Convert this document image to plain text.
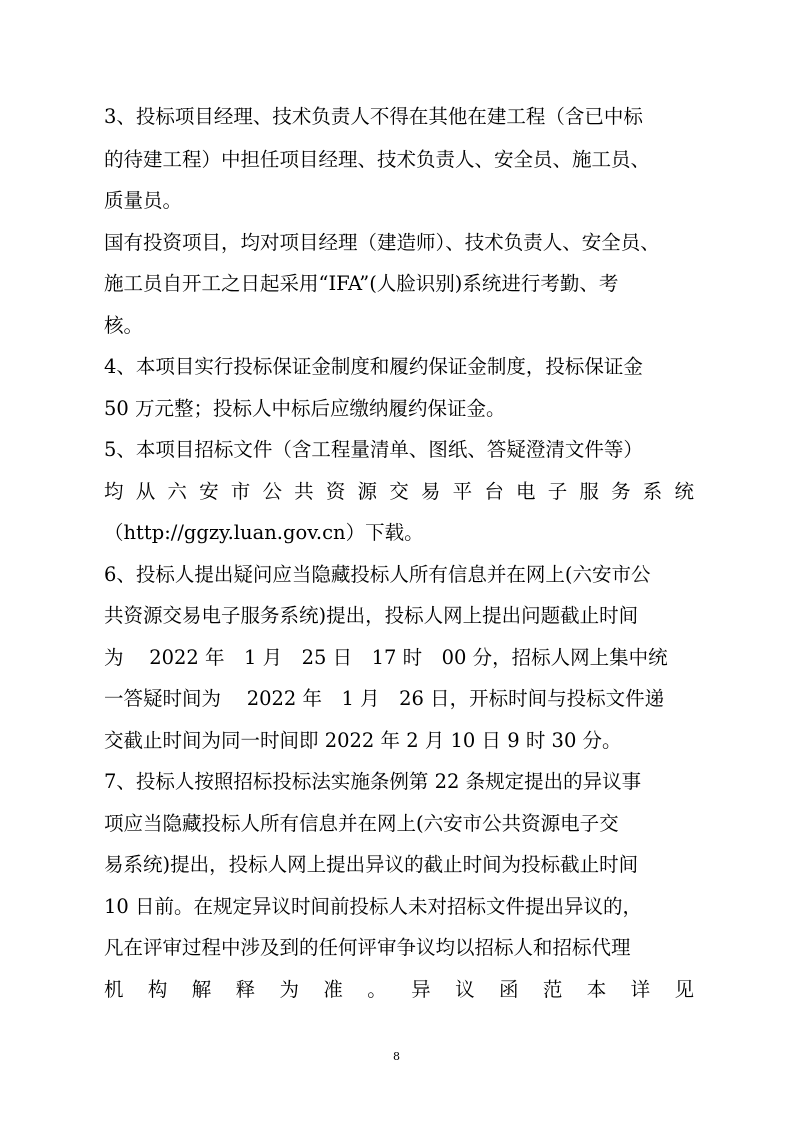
3、投标项目经理、技术负责人不得在其他在建工程（含已中标
的待建工程）中担任项目经理、技术负责人、安全员、施工员、
质量员。
国有投资项目，均对项目经理（建造师）、技术负责人、安全员、
施工员自开工之日起采用“IFA”(人脸识别)系统进行考勤、考
核。
4、本项目实行投标保证金制度和履约保证金制度，投标保证金
50 万元整；投标人中标后应缴纳履约保证金。
5、本项目招标文件（含工程量清单、图纸、答疑澄清文件等）
均从六安市公共资源交易平台电子服务系统
（http://ggzy.luan.gov.cn）下载。
6、投标人提出疑问应当隐藏投标人所有信息并在网上(六安市公
共资源交易电子服务系统)提出，投标人网上提出问题截止时间
为　 2022 年　1 月　25 日　17 时　00 分，招标人网上集中统
一答疑时间为　 2022 年　1 月　26 日，开标时间与投标文件递
交截止时间为同一时间即 2022 年 2 月 10 日 9 时 30 分。
7、投标人按照招标投标法实施条例第 22 条规定提出的异议事
项应当隐藏投标人所有信息并在网上(六安市公共资源电子交
易系统)提出，投标人网上提出异议的截止时间为投标截止时间
10 日前。在规定异议时间前投标人未对招标文件提出异议的，
凡在评审过程中涉及到的任何评审争议均以招标人和招标代理
机构解释为准。异议函范本详见
8
